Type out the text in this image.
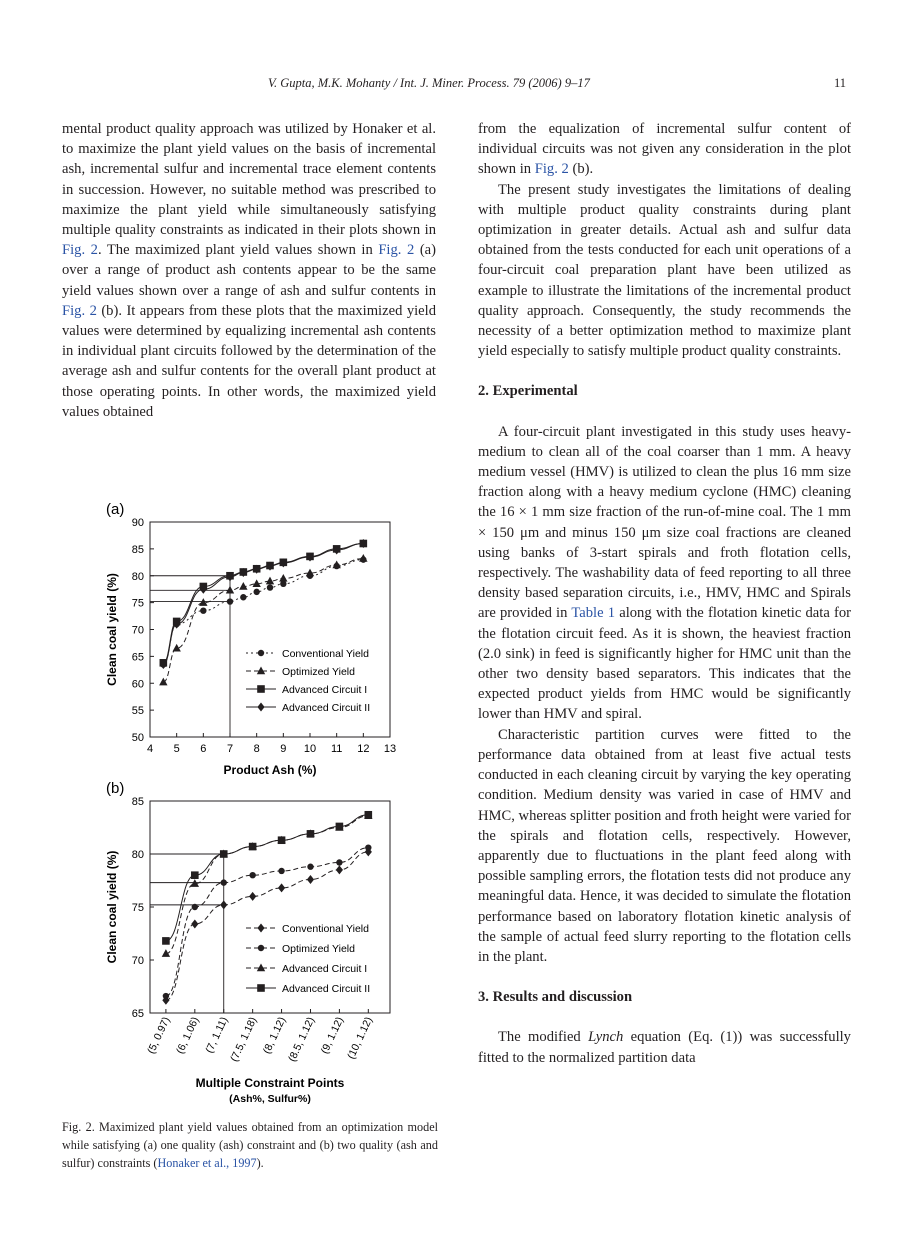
V. Gupta, M.K. Mohanty / Int. J. Miner. Process. 79 (2006) 9–17	11

mental product quality approach was utilized by Honaker et al. to maximize the plant yield values on the basis of incremental ash, incremental sulfur and incremental trace element contents in succession. However, no suitable method was prescribed to maximize the plant yield while simultaneously satisfying multiple quality constraints as indicated in their plots shown in Fig. 2. The maximized plant yield values shown in Fig. 2 (a) over a range of product ash contents appear to be the same yield values shown over a range of ash and sulfur contents in Fig. 2 (b). It appears from these plots that the maximized yield values were determined by equalizing incremental ash contents in individual plant circuits followed by the determination of the average ash and sulfur contents for the overall plant product at those operating points. In other words, the maximized yield values obtained

(a)
50
55
60
65
70
75
80
85
90
4 5 6 7 8 9 10 11 12 13
Conventional Yield
Optimized Yield
Advanced Circuit I
Advanced Circuit II
Clean coal yield (%)
Product Ash (%)
(b)
65
70
75
80
85
(5, 0.97) (6, 1.06) (7, 1.11)
(7.5, 1.18) (8, 1.12)
(8.5, 1.12) (9, 1.12) (10, 1.12)
Conventional Yield
Optimized Yield
Advanced Circuit I
Advanced Circuit II
Clean coal yield (%)
Multiple Constraint Points
(Ash%, Sulfur%)
Fig. 2. Maximized plant yield values obtained from an optimization model while satisfying (a) one quality (ash) constraint and (b) two quality (ash and sulfur) constraints (Honaker et al., 1997).

from the equalization of incremental sulfur content of individual circuits was not given any consideration in the plot shown in Fig. 2 (b).

The present study investigates the limitations of dealing with multiple product quality constraints during plant optimization in greater details. Actual ash and sulfur data obtained from the tests conducted for each unit operations of a four-circuit coal preparation plant have been utilized as example to illustrate the limitations of the incremental product quality approach. Consequently, the study recommends the necessity of a better optimization method to maximize plant yield especially to satisfy multiple product quality constraints.

2. Experimental

A four-circuit plant investigated in this study uses heavy-medium to clean all of the coal coarser than 1 mm. A heavy medium vessel (HMV) is utilized to clean the plus 16 mm size fraction along with a heavy medium cyclone (HMC) cleaning the 16 × 1 mm size fraction of the run-of-mine coal. The 1 mm × 150 μm and minus 150 μm size coal fractions are cleaned using banks of 3-start spirals and froth flotation cells, respectively. The washability data of feed reporting to all three density based separation circuits, i.e., HMV, HMC and Spirals are provided in Table 1 along with the flotation kinetic data for the flotation circuit feed. As it is shown, the heaviest fraction (2.0 sink) in feed is significantly higher for HMC unit than the other two density based separators. This indicates that the expected product yields from HMC would be significantly lower than HMV and spiral.

Characteristic partition curves were fitted to the performance data obtained from at least five actual tests conducted in each cleaning circuit by varying the key operating condition. Medium density was varied in case of HMV and HMC, whereas splitter position and froth height were varied for the spirals and flotation cells, respectively. However, apparently due to fluctuations in the plant feed along with possible sampling errors, the flotation tests did not produce any meaningful data. Hence, it was decided to simulate the flotation performance based on laboratory flotation kinetic analysis of the sample of actual feed slurry reporting to the flotation cells in the plant.

3. Results and discussion

The modified Lynch equation (Eq. (1)) was successfully fitted to the normalized partition data
